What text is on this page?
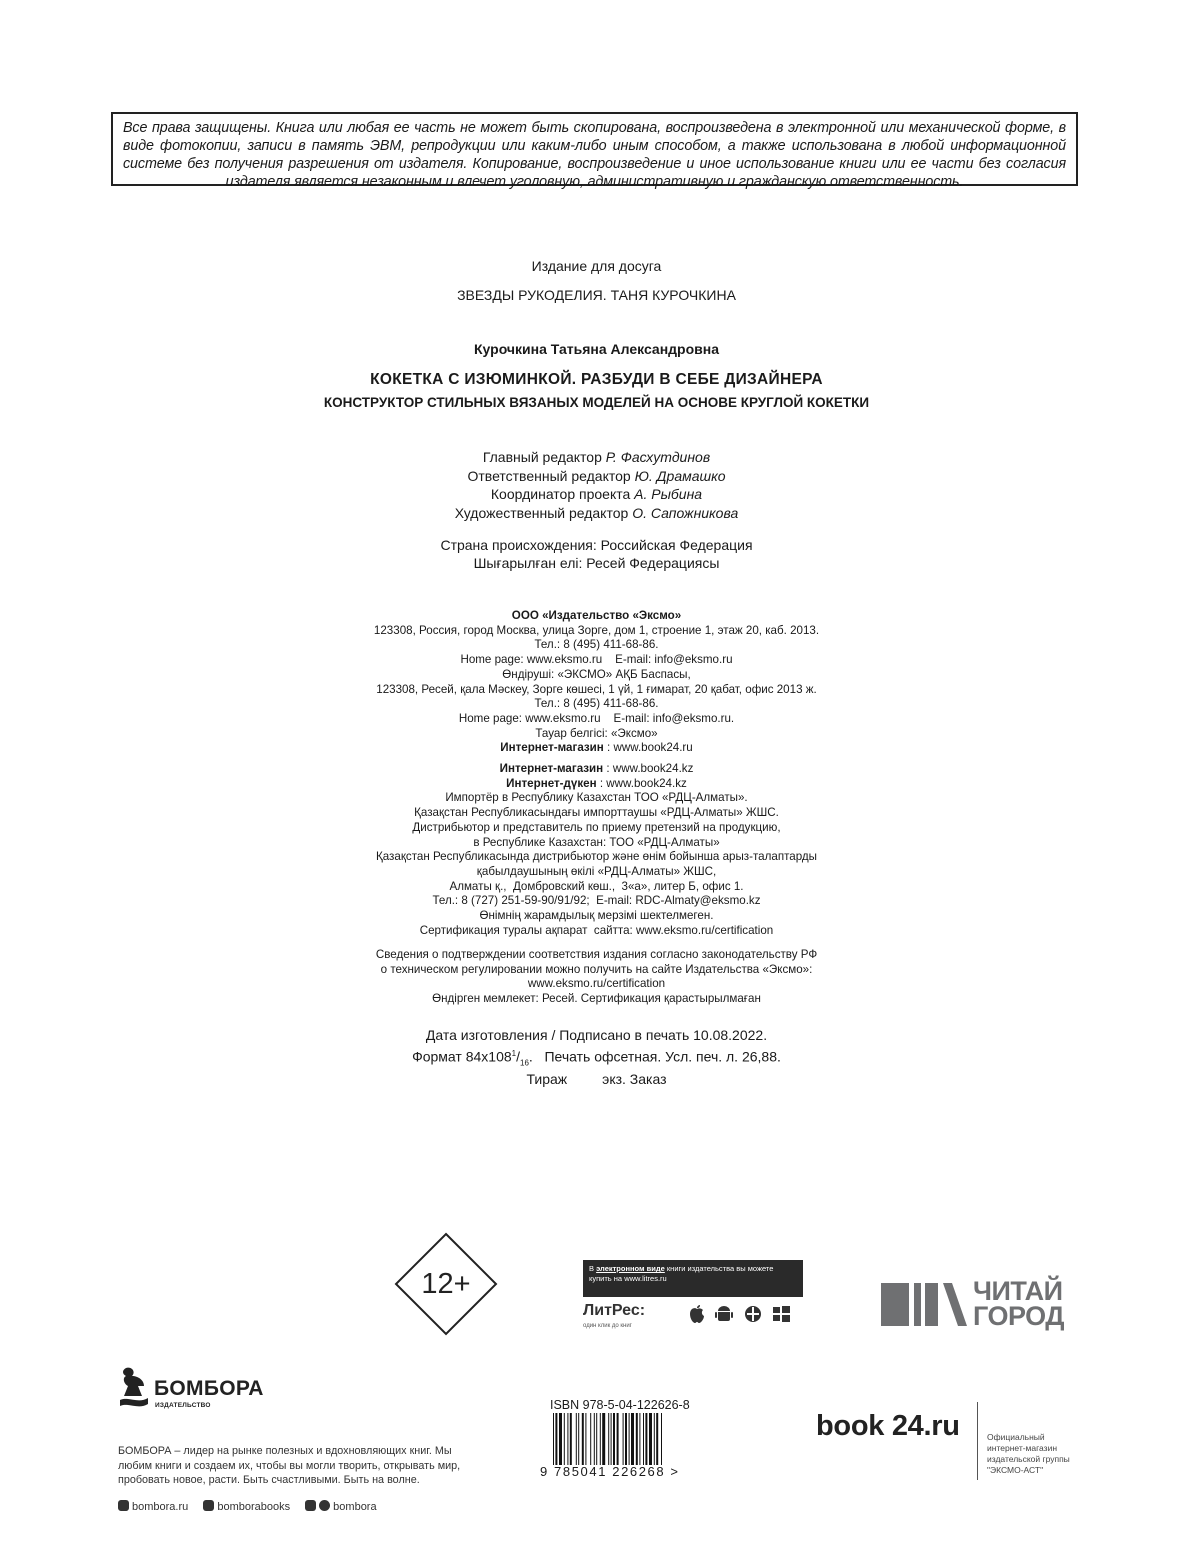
Все права защищены. Книга или любая ее часть не может быть скопирована, воспроизведена в электронной или механической форме, в виде фотокопии, записи в память ЭВМ, репродукции или каким-либо иным способом, а также использована в любой информационной системе без получения разрешения от издателя. Копирование, воспроизведение и иное использование книги или ее части без согласия издателя является незаконным и влечет уголовную, административную и гражданскую ответственность.
Издание для досуга
ЗВЕЗДЫ РУКОДЕЛИЯ. ТАНЯ КУРОЧКИНА
Курочкина Татьяна Александровна
КОКЕТКА С ИЗЮМИНКОЙ. РАЗБУДИ В СЕБЕ ДИЗАЙНЕРА
КОНСТРУКТОР СТИЛЬНЫХ ВЯЗАНЫХ МОДЕЛЕЙ НА ОСНОВЕ КРУГЛОЙ КОКЕТКИ
Главный редактор Р. Фасхутдинов
Ответственный редактор Ю. Драмашко
Координатор проекта А. Рыбина
Художественный редактор О. Сапожникова
Страна происхождения: Российская Федерация
Шығарылған елі: Ресей Федерациясы
ООО «Издательство «Эксмо»
123308, Россия, город Москва, улица Зорге, дом 1, строение 1, этаж 20, каб. 2013.
Тел.: 8 (495) 411-68-86.
Home page: www.eksmo.ru    E-mail: info@eksmo.ru
Өндіруші: «ЭКСМО» АҚБ Баспасы,
123308, Ресей, қала Мәскеу, Зорге көшесі, 1 үй, 1 ғимарат, 20 қабат, офис 2013 ж.
Тел.: 8 (495) 411-68-86.
Home page: www.eksmo.ru    E-mail: info@eksmo.ru.
Тауар белгісі: «Эксмо»
Интернет-магазин : www.book24.ru
Интернет-магазин : www.book24.kz
Интернет-дүкен : www.book24.kz
Импортёр в Республику Казахстан ТОО «РДЦ-Алматы».
Қазақстан Республикасындағы импорттаушы «РДЦ-Алматы» ЖШС.
Дистрибьютор и представитель по приему претензий на продукцию,
в Республике Казахстан: ТОО «РДЦ-Алматы»
Қазақстан Республикасында дистрибьютор және өнім бойынша арыз-талаптарды
қабылдаушының өкілі «РДЦ-Алматы» ЖШС,
Алматы қ.,  Домбровский көш.,  3«а», литер Б, офис 1.
Тел.: 8 (727) 251-59-90/91/92;  E-mail: RDC-Almaty@eksmo.kz
Өнімнің жарамдылық мерзімі шектелмеген.
Сертификация туралы ақпарат  сайтта: www.eksmo.ru/certification
Сведения о подтверждении соответствия издания согласно законодательству РФ
о техническом регулировании можно получить на сайте Издательства «Эксмо»:
www.eksmo.ru/certification
Өндірген мемлекет: Ресей. Сертификация қарастырылмаған
Дата изготовления / Подписано в печать 10.08.2022.
Формат $84x108^1/_{16}$.   Печать офсетная. Усл. печ. л. 26,88.
Тираж         экз. Заказ
12+	В электронном виде книги издательства вы можете
купить на www.litres.ru
ЛитРес:
один клик до книг

ЧИТАЙ
ГОРОД
БОМБОРА
ИЗДАТЕЛЬСТВО
БОМБОРА – лидер на рынке полезных и вдохновляющих книг. Мы любим книги и создаем их, чтобы вы могли творить, открывать мир, пробовать новое, расти. Быть счастливыми. Быть на волне.
bombora.ru	bomborabooks	bombora
ISBN 978-5-04-122626-8
9 785041 226268 >
book 24.ru	Официальный
интернет-магазин
издательской группы
"ЭКСМО-АСТ"
